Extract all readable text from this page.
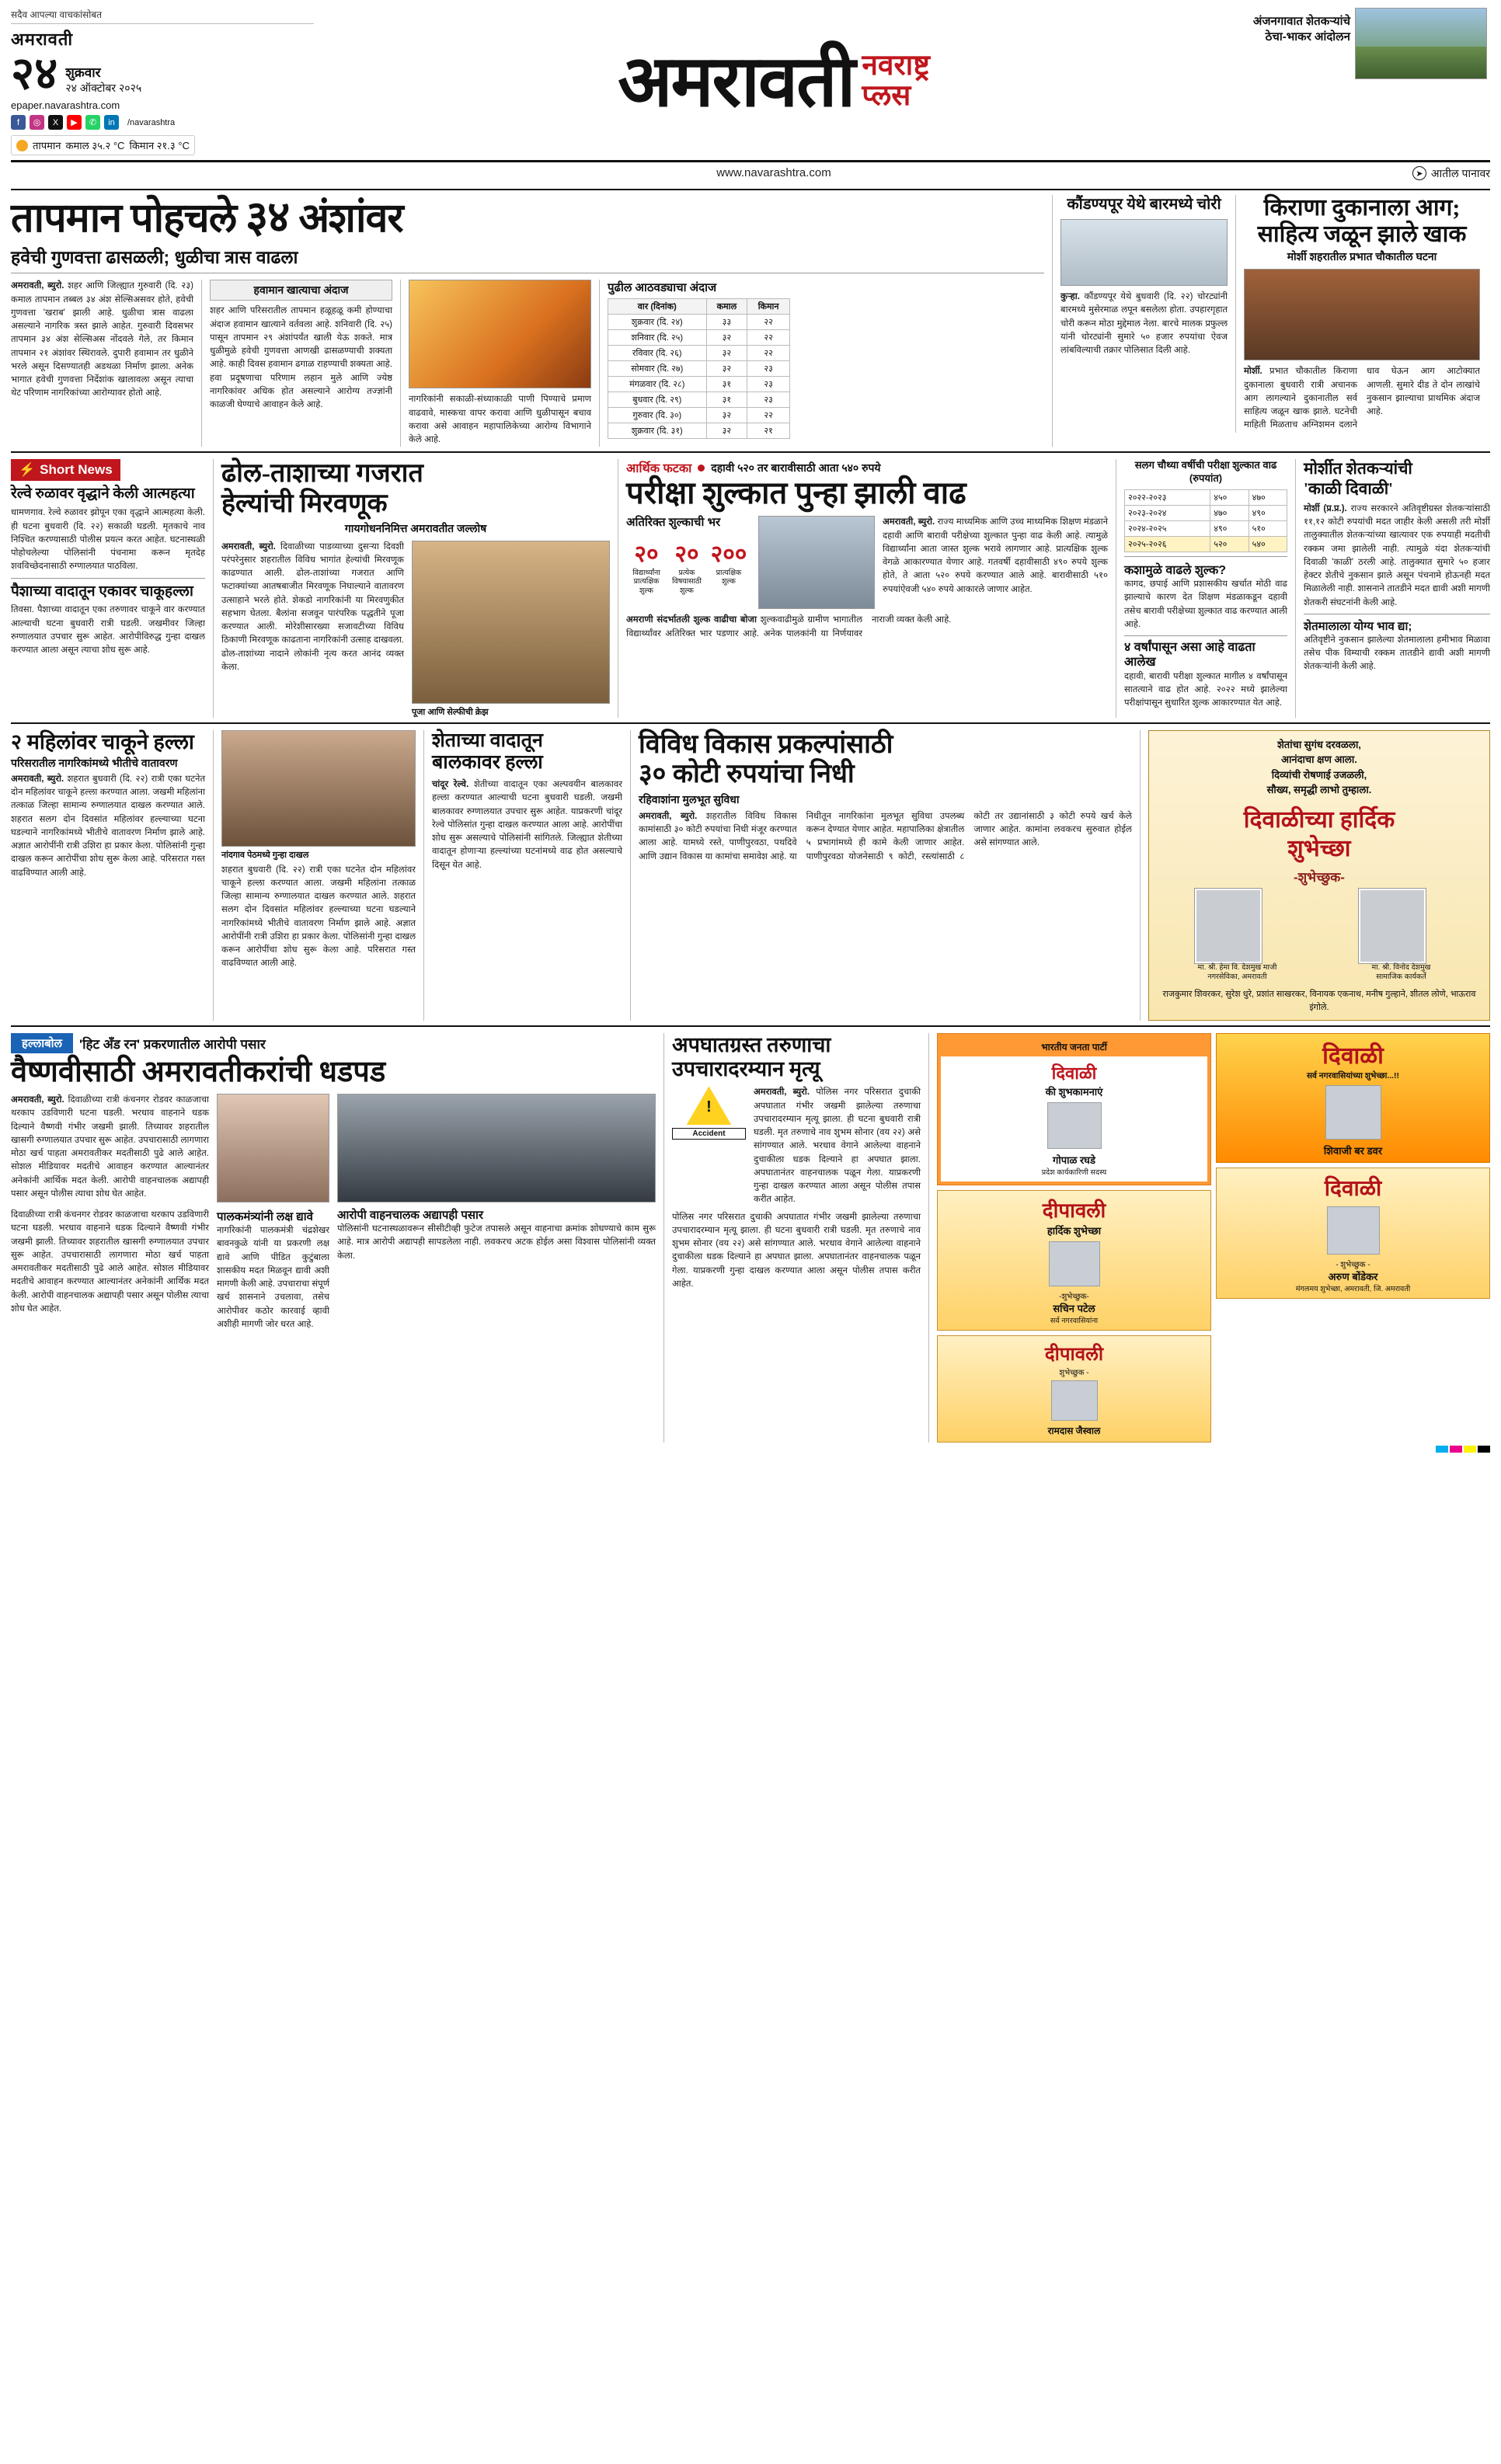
सदैव आपल्या वाचकांसोबत
अमरावती
२४ शुक्रवार
२४ ऑक्टोबर २०२५
epaper.navarashtra.com
f	◎	X	▶	✆	in	/navarashtra
तापमान कमाल ३५.२ °C किमान २१.३ °C
अमरावती नवराष्ट्र
प्लस
अंजनगावात शेतकऱ्यांचे ठेचा-भाकर आंदोलन
www.navarashtra.com	➤ आतील पानावर
तापमान पोहचले ३४ अंशांवर
हवेची गुणवत्ता ढासळली; धुळीचा त्रास वाढला
अमरावती, ब्युरो. शहर आणि जिल्ह्यात गुरुवारी (दि. २३) कमाल तापमान तब्बल ३४ अंश सेल्सिअसवर होते, हवेची गुणवत्ता 'खराब' झाली आहे. धुळीचा त्रास वाढला असल्याने नागरिक त्रस्त झाले आहेत. गुरुवारी दिवसभर तापमान ३४ अंश सेल्सिअस नोंदवले गेले, तर किमान तापमान २१ अंशांवर स्थिरावले. दुपारी हवामान तर धुळीने भरले असून दिसण्यातही अडथळा निर्माण झाला. अनेक भागात हवेची गुणवत्ता निर्देशांक खालावला असून त्याचा थेट परिणाम नागरिकांच्या आरोग्यावर होतो आहे.
हवामान खात्याचा अंदाज
शहर आणि परिसरातील तापमान हळूहळू कमी होण्याचा अंदाज हवामान खात्याने वर्तवला आहे. शनिवारी (दि. २५) पासून तापमान २९ अंशांपर्यंत खाली येऊ शकते. मात्र धुळीमुळे हवेची गुणवत्ता आणखी ढासळण्याची शक्यता आहे. काही दिवस हवामान ढगाळ राहण्याची शक्यता आहे. हवा प्रदूषणाचा परिणाम लहान मुले आणि ज्येष्ठ नागरिकांवर अधिक होत असल्याने आरोग्य तज्ज्ञांनी काळजी घेण्याचे आवाहन केले आहे.
नागरिकांनी सकाळी-संध्याकाळी पाणी पिण्याचे प्रमाण वाढवावे, मास्कचा वापर करावा आणि धुळीपासून बचाव करावा असे आवाहन महापालिकेच्या आरोग्य विभागाने केले आहे.
पुढील आठवड्याचा अंदाज
वार (दिनांक)	कमाल	किमान
शुक्रवार (दि. २४)	३३	२२
शनिवार (दि. २५)	३२	२२
रविवार (दि. २६)	३२	२२
सोमवार (दि. २७)	३२	२३
मंगळवार (दि. २८)	३१	२३
बुधवार (दि. २९)	३१	२३
गुरुवार (दि. ३०)	३२	२२
शुक्रवार (दि. ३१)	३२	२१
कौंडण्यपूर येथे बारमध्ये चोरी
कुऱ्हा. कौंडण्यपूर येथे बुधवारी (दि. २२) चोरट्यांनी बारमध्ये मुसेरमाळ लपून बसलेला होता. उपहारगृहात चोरी करून मोठा मुद्देमाल नेला. बारचे मालक प्रफुल्ल यांनी चोरट्यांनी सुमारे ५० हजार रुपयांचा ऐवज लांबविल्याची तक्रार पोलिसात दिली आहे.
किराणा दुकानाला आग;
साहित्य जळून झाले खाक
मोर्शी शहरातील प्रभात चौकातील घटना
मोर्शी. प्रभात चौकातील किराणा दुकानाला बुधवारी रात्री अचानक आग लागल्याने दुकानातील सर्व साहित्य जळून खाक झाले. घटनेची माहिती मिळताच अग्निशमन दलाने धाव घेऊन आग आटोक्यात आणली. सुमारे दीड ते दोन लाखांचे नुकसान झाल्याचा प्राथमिक अंदाज आहे.
⚡ Short News
रेल्वे रुळावर वृद्धाने केली आत्महत्या
धामणगाव. रेल्वे रुळावर झोपून एका वृद्धाने आत्महत्या केली. ही घटना बुधवारी (दि. २२) सकाळी घडली. मृतकाचे नाव निश्चित करण्यासाठी पोलीस प्रयत्न करत आहेत. घटनास्थळी पोहोचलेल्या पोलिसांनी पंचनामा करून मृतदेह शवविच्छेदनासाठी रुग्णालयात पाठविला.
पैशाच्या वादातून एकावर चाकूहल्ला
तिवसा. पैशाच्या वादातून एका तरुणावर चाकूने वार करण्यात आल्याची घटना बुधवारी रात्री घडली. जखमीवर जिल्हा रुग्णालयात उपचार सुरू आहेत. आरोपीविरुद्ध गुन्हा दाखल करण्यात आला असून त्याचा शोध सुरू आहे.
ढोल-ताशाच्या गजरात
हेल्यांची मिरवणूक
गायगोधननिमित्त अमरावतीत जल्लोष
अमरावती, ब्युरो. दिवाळीच्या पाडव्याच्या दुसऱ्या दिवशी परंपरेनुसार शहरातील विविध भागांत हेल्यांची मिरवणूक काढण्यात आली. ढोल-ताशांच्या गजरात आणि फटाक्यांच्या आतषबाजीत मिरवणूक निघाल्याने वातावरण उत्साहाने भरले होते. शेकडो नागरिकांनी या मिरवणुकीत सहभाग घेतला. बैलांना सजवून पारंपरिक पद्धतीने पूजा करण्यात आली. मोरेशीसारख्या सजावटीच्या विविध ठिकाणी मिरवणूक काढताना नागरिकांनी उत्साह दाखवला. ढोल-ताशांच्या नादाने लोकांनी नृत्य करत आनंद व्यक्त केला.
पूजा आणि सेल्फीची क्रेझ
आर्थिक फटका दहावी ५२० तर बारावीसाठी आता ५४० रुपये
परीक्षा शुल्कात पुन्हा झाली वाढ
अतिरिक्त शुल्काची भर
२०
विद्यार्थ्यांना प्रात्यक्षिक शुल्क
२०
प्रत्येक विषयासाठी शुल्क
२००
प्रात्यक्षिक शुल्क
अमरावती, ब्युरो. राज्य माध्यमिक आणि उच्च माध्यमिक शिक्षण मंडळाने दहावी आणि बारावी परीक्षेच्या शुल्कात पुन्हा वाढ केली आहे. त्यामुळे विद्यार्थ्यांना आता जास्त शुल्क भरावे लागणार आहे. प्रात्यक्षिक शुल्क वेगळे आकारण्यात येणार आहे. गतवर्षी दहावीसाठी ४९० रुपये शुल्क होते, ते आता ५२० रुपये करण्यात आले आहे. बारावीसाठी ५१० रुपयांऐवजी ५४० रुपये आकारले जाणार आहेत.
अमराणी संदर्भातली शुल्क वाढीचा बोजा शुल्कवाढीमुळे ग्रामीण भागातील विद्यार्थ्यांवर अतिरिक्त भार पडणार आहे. अनेक पालकांनी या निर्णयावर नाराजी व्यक्त केली आहे.
सलग चौथ्या वर्षीची परीक्षा शुल्कात वाढ (रुपयांत)
२०२२-२०२३	४५०	४७०
२०२३-२०२४	४७०	४९०
२०२४-२०२५	४९०	५१०
२०२५-२०२६	५२०	५४०
कशामुळे वाढले शुल्क?
कागद, छपाई आणि प्रशासकीय खर्चात मोठी वाढ झाल्याचे कारण देत शिक्षण मंडळाकडून दहावी तसेच बारावी परीक्षेच्या शुल्कात वाढ करण्यात आली आहे.
४ वर्षांपासून असा आहे वाढता आलेख
दहावी, बारावी परीक्षा शुल्कात मागील ४ वर्षांपासून सातत्याने वाढ होत आहे. २०२२ मध्ये झालेल्या परीक्षांपासून सुधारित शुल्क आकारण्यात येत आहे.
मोर्शीत शेतकऱ्यांची
'काळी दिवाळी'
मोर्शी (प्र.प्र.). राज्य सरकारने अतिवृष्टीग्रस्त शेतकऱ्यांसाठी ११,१२ कोटी रुपयांची मदत जाहीर केली असली तरी मोर्शी तालुक्यातील शेतकऱ्यांच्या खात्यावर एक रुपयाही मदतीची रक्कम जमा झालेली नाही. त्यामुळे यंदा शेतकऱ्यांची दिवाळी 'काळी' ठरली आहे. तालुक्यात सुमारे ५० हजार हेक्टर शेतीचे नुकसान झाले असून पंचनामे होऊनही मदत मिळालेली नाही. शासनाने तातडीने मदत द्यावी अशी मागणी शेतकरी संघटनांनी केली आहे.
शेतमालाला योग्य भाव द्या;
अतिवृष्टीने नुकसान झालेल्या शेतमालाला हमीभाव मिळावा तसेच पीक विम्याची रक्कम तातडीने द्यावी अशी मागणी शेतकऱ्यांनी केली आहे.
२ महिलांवर चाकूने हल्ला
परिसरातील नागरिकांमध्ये भीतीचे वातावरण
अमरावती, ब्युरो. शहरात बुधवारी (दि. २२) रात्री एका घटनेत दोन महिलांवर चाकूने हल्ला करण्यात आला. जखमी महिलांना तत्काळ जिल्हा सामान्य रुग्णालयात दाखल करण्यात आले. शहरात सलग दोन दिवसांत महिलांवर हल्ल्याच्या घटना घडल्याने नागरिकांमध्ये भीतीचे वातावरण निर्माण झाले आहे. अज्ञात आरोपींनी रात्री उशिरा हा प्रकार केला. पोलिसांनी गुन्हा दाखल करून आरोपींचा शोध सुरू केला आहे. परिसरात गस्त वाढविण्यात आली आहे.
नांदगाव पेठमध्ये गुन्हा दाखल
शहरात बुधवारी (दि. २२) रात्री एका घटनेत दोन महिलांवर चाकूने हल्ला करण्यात आला. जखमी महिलांना तत्काळ जिल्हा सामान्य रुग्णालयात दाखल करण्यात आले. शहरात सलग दोन दिवसांत महिलांवर हल्ल्याच्या घटना घडल्याने नागरिकांमध्ये भीतीचे वातावरण निर्माण झाले आहे. अज्ञात आरोपींनी रात्री उशिरा हा प्रकार केला. पोलिसांनी गुन्हा दाखल करून आरोपींचा शोध सुरू केला आहे. परिसरात गस्त वाढविण्यात आली आहे.
शेताच्या वादातून
बालकावर हल्ला
चांदूर रेल्वे. शेतीच्या वादातून एका अल्पवयीन बालकावर हल्ला करण्यात आल्याची घटना बुधवारी घडली. जखमी बालकावर रुग्णालयात उपचार सुरू आहेत. याप्रकरणी चांदूर रेल्वे पोलिसांत गुन्हा दाखल करण्यात आला आहे. आरोपींचा शोध सुरू असल्याचे पोलिसांनी सांगितले. जिल्ह्यात शेतीच्या वादातून होणाऱ्या हल्ल्यांच्या घटनांमध्ये वाढ होत असल्याचे दिसून येत आहे.
विविध विकास प्रकल्पांसाठी
३० कोटी रुपयांचा निधी
रहिवाशांना मुलभूत सुविधा
अमरावती, ब्युरो. शहरातील विविध विकास कामांसाठी ३० कोटी रुपयांचा निधी मंजूर करण्यात आला आहे. यामध्ये रस्ते, पाणीपुरवठा, पथदिवे आणि उद्यान विकास या कामांचा समावेश आहे. या निधीतून नागरिकांना मुलभूत सुविधा उपलब्ध करून देण्यात येणार आहेत. महापालिका क्षेत्रातील ५ प्रभागांमध्ये ही कामे केली जाणार आहेत. पाणीपुरवठा योजनेसाठी ९ कोटी, रस्त्यांसाठी ८ कोटी तर उद्यानांसाठी ३ कोटी रुपये खर्च केले जाणार आहेत. कामांना लवकरच सुरुवात होईल असे सांगण्यात आले.
शेतांचा सुगंध दरवळला,
आनंदाचा क्षण आला.
दिव्यांची रोषणाई उजळली,
सौख्य, समृद्धी लाभो तुम्हाला.
दिवाळीच्या हार्दिक
शुभेच्छा
-शुभेच्छुक-
मा. श्री. हेमा वि. देशमुख माजी नगरसेविका, अमरावती
मा. श्री. विनोद देशमुख सामाजिक कार्यकर्ते
राजकुमार शिवरकर, सुरेश धुरे, प्रशांत साखरकर, विनायक एकनाथ, मनीष गुल्हाने, शीतल लोणे, भाऊराव इंगोले.
हल्लाबोल	'हिट अँड रन' प्रकरणातील आरोपी पसार
वैष्णवीसाठी अमरावतीकरांची धडपड
अमरावती, ब्युरो. दिवाळीच्या रात्री कंचनगर रोडवर काळजाचा थरकाप उडविणारी घटना घडली. भरधाव वाहनाने धडक दिल्याने वैष्णवी गंभीर जखमी झाली. तिच्यावर शहरातील खासगी रुग्णालयात उपचार सुरू आहेत. उपचारासाठी लागणारा मोठा खर्च पाहता अमरावतीकर मदतीसाठी पुढे आले आहेत. सोशल मीडियावर मदतीचे आवाहन करण्यात आल्यानंतर अनेकांनी आर्थिक मदत केली. आरोपी वाहनचालक अद्यापही पसार असून पोलीस त्याचा शोध घेत आहेत.
दिवाळीच्या रात्री कंचनगर रोडवर काळजाचा थरकाप उडविणारी घटना घडली. भरधाव वाहनाने धडक दिल्याने वैष्णवी गंभीर जखमी झाली. तिच्यावर शहरातील खासगी रुग्णालयात उपचार सुरू आहेत. उपचारासाठी लागणारा मोठा खर्च पाहता अमरावतीकर मदतीसाठी पुढे आले आहेत. सोशल मीडियावर मदतीचे आवाहन करण्यात आल्यानंतर अनेकांनी आर्थिक मदत केली. आरोपी वाहनचालक अद्यापही पसार असून पोलीस त्याचा शोध घेत आहेत.
पालकमंत्र्यांनी लक्ष द्यावे
नागरिकांनी पालकमंत्री चंद्रशेखर बावनकुळे यांनी या प्रकरणी लक्ष द्यावे आणि पीडित कुटुंबाला शासकीय मदत मिळवून द्यावी अशी मागणी केली आहे. उपचाराचा संपूर्ण खर्च शासनाने उचलावा, तसेच आरोपीवर कठोर कारवाई व्हावी अशीही मागणी जोर धरत आहे.
आरोपी वाहनचालक अद्यापही पसार
पोलिसांनी घटनास्थळावरून सीसीटीव्ही फुटेज तपासले असून वाहनाचा क्रमांक शोधण्याचे काम सुरू आहे. मात्र आरोपी अद्यापही सापडलेला नाही. लवकरच अटक होईल असा विश्वास पोलिसांनी व्यक्त केला.
अपघातग्रस्त तरुणाचा
उपचारादरम्यान मृत्यू
!
Accident
अमरावती, ब्युरो. पोलिस नगर परिसरात दुचाकी अपघातात गंभीर जखमी झालेल्या तरुणाचा उपचारादरम्यान मृत्यू झाला. ही घटना बुधवारी रात्री घडली. मृत तरुणाचे नाव शुभम सोनार (वय २२) असे सांगण्यात आले. भरधाव वेगाने आलेल्या वाहनाने दुचाकीला धडक दिल्याने हा अपघात झाला. अपघातानंतर वाहनचालक पळून गेला. याप्रकरणी गुन्हा दाखल करण्यात आला असून पोलीस तपास करीत आहेत.
पोलिस नगर परिसरात दुचाकी अपघातात गंभीर जखमी झालेल्या तरुणाचा उपचारादरम्यान मृत्यू झाला. ही घटना बुधवारी रात्री घडली. मृत तरुणाचे नाव शुभम सोनार (वय २२) असे सांगण्यात आले. भरधाव वेगाने आलेल्या वाहनाने दुचाकीला धडक दिल्याने हा अपघात झाला. अपघातानंतर वाहनचालक पळून गेला. याप्रकरणी गुन्हा दाखल करण्यात आला असून पोलीस तपास करीत आहेत.
भारतीय जनता पार्टी
दिवाळी
की शुभकामनाएं
गोपाळ रघडे
प्रदेश कार्यकारिणी सदस्य
दीपावली
हार्दिक शुभेच्छा
-शुभेच्छुक-
सचिन पटेल
सर्व नगरवासियांना
दीपावली
शुभेच्छुक -
रामदास जैस्वाल
दिवाळी
सर्व नगरवासियांच्या शुभेच्छा...!!
शिवाजी बर डवर
दिवाळी
- शुभेच्छुक -
अरुण बोंडेकर
मंगलमय शुभेच्छा, अमरावती, जि. अमरावती
